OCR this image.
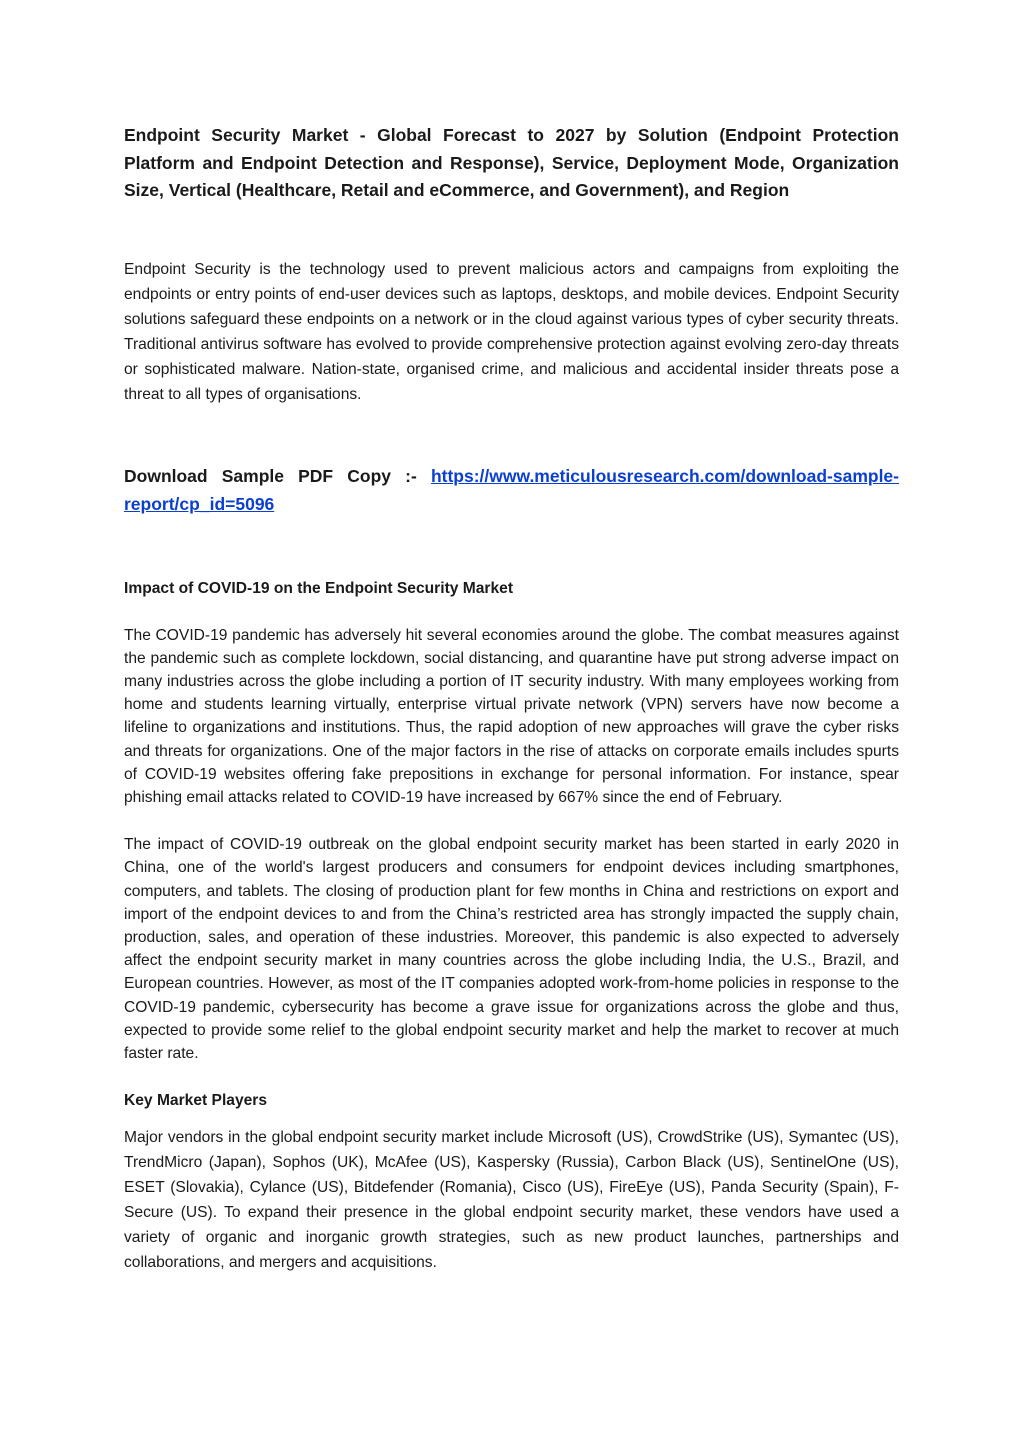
Endpoint Security Market - Global Forecast to 2027 by Solution (Endpoint Protection Platform and Endpoint Detection and Response), Service, Deployment Mode, Organization Size, Vertical (Healthcare, Retail and eCommerce, and Government), and Region

Endpoint Security is the technology used to prevent malicious actors and campaigns from exploiting the endpoints or entry points of end-user devices such as laptops, desktops, and mobile devices. Endpoint Security solutions safeguard these endpoints on a network or in the cloud against various types of cyber security threats. Traditional antivirus software has evolved to provide comprehensive protection against evolving zero-day threats or sophisticated malware. Nation-state, organised crime, and malicious and accidental insider threats pose a threat to all types of organisations.

Download Sample PDF Copy :- https://www.meticulousresearch.com/download-sample-report/cp_id=5096

Impact of COVID-19 on the Endpoint Security Market

The COVID-19 pandemic has adversely hit several economies around the globe. The combat measures against the pandemic such as complete lockdown, social distancing, and quarantine have put strong adverse impact on many industries across the globe including a portion of IT security industry. With many employees working from home and students learning virtually, enterprise virtual private network (VPN) servers have now become a lifeline to organizations and institutions. Thus, the rapid adoption of new approaches will grave the cyber risks and threats for organizations. One of the major factors in the rise of attacks on corporate emails includes spurts of COVID-19 websites offering fake prepositions in exchange for personal information. For instance, spear phishing email attacks related to COVID-19 have increased by 667% since the end of February.

The impact of COVID-19 outbreak on the global endpoint security market has been started in early 2020 in China, one of the world's largest producers and consumers for endpoint devices including smartphones, computers, and tablets. The closing of production plant for few months in China and restrictions on export and import of the endpoint devices to and from the China’s restricted area has strongly impacted the supply chain, production, sales, and operation of these industries. Moreover, this pandemic is also expected to adversely affect the endpoint security market in many countries across the globe including India, the U.S., Brazil, and European countries. However, as most of the IT companies adopted work-from-home policies in response to the COVID-19 pandemic, cybersecurity has become a grave issue for organizations across the globe and thus, expected to provide some relief to the global endpoint security market and help the market to recover at much faster rate.

Key Market Players

Major vendors in the global endpoint security market include Microsoft (US), CrowdStrike (US), Symantec (US), TrendMicro (Japan), Sophos (UK), McAfee (US), Kaspersky (Russia), Carbon Black (US), SentinelOne (US), ESET (Slovakia), Cylance (US), Bitdefender (Romania), Cisco (US), FireEye (US), Panda Security (Spain), F-Secure (US). To expand their presence in the global endpoint security market, these vendors have used a variety of organic and inorganic growth strategies, such as new product launches, partnerships and collaborations, and mergers and acquisitions.
